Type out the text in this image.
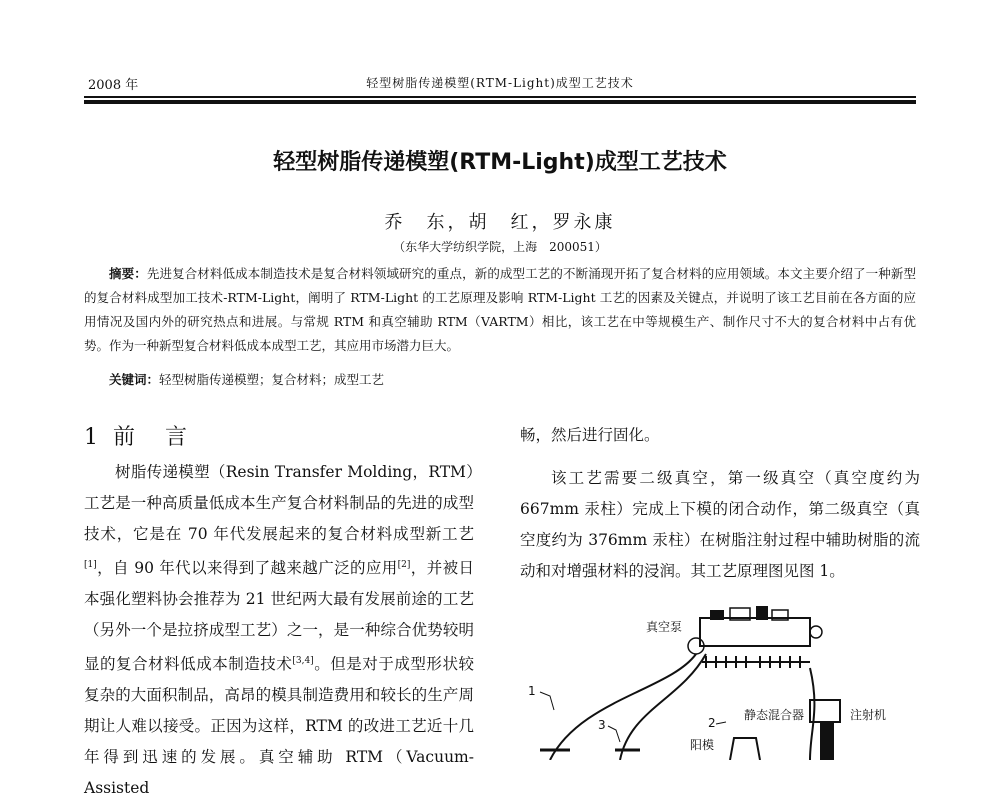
2008 年	轻型树脂传递模塑(RTM-Light)成型工艺技术
轻型树脂传递模塑(RTM-Light)成型工艺技术
乔　东，胡　红，罗永康
（东华大学纺织学院，上海　200051）

摘要：先进复合材料低成本制造技术是复合材料领域研究的重点，新的成型工艺的不断涌现开拓了复合材料的应用领域。本文主要介绍了一种新型的复合材料成型加工技术-RTM-Light，阐明了 RTM-Light 的工艺原理及影响 RTM-Light 工艺的因素及关键点，并说明了该工艺目前在各方面的应用情况及国内外的研究热点和进展。与常规 RTM 和真空辅助 RTM（VARTM）相比，该工艺在中等规模生产、制作尺寸不大的复合材料中占有优势。作为一种新型复合材料低成本成型工艺，其应用市场潜力巨大。

关键词：轻型树脂传递模塑；复合材料；成型工艺
1 前　言

树脂传递模塑（Resin Transfer Molding，RTM）工艺是一种高质量低成本生产复合材料制品的先进的成型技术，它是在 70 年代发展起来的复合材料成型新工艺[1]，自 90 年代以来得到了越来越广泛的应用[2]，并被日本强化塑料协会推荐为 21 世纪两大最有发展前途的工艺（另外一个是拉挤成型工艺）之一，是一种综合优势较明显的复合材料低成本制造技术[3,4]。但是对于成型形状较复杂的大面积制品，高昂的模具制造费用和较长的生产周期让人难以接受。正因为这样，RTM 的改进工艺近十几年得到迅速的发展。真空辅助 RTM（Vacuum-Assisted

畅，然后进行固化。

该工艺需要二级真空，第一级真空（真空度约为 667mm 汞柱）完成上下模的闭合动作，第二级真空（真空度约为 376mm 汞柱）在树脂注射过程中辅助树脂的流动和对增强材料的浸润。其工艺原理图见图 1。

真空泵
静态混合器	注射机
阳模
1
3	2
